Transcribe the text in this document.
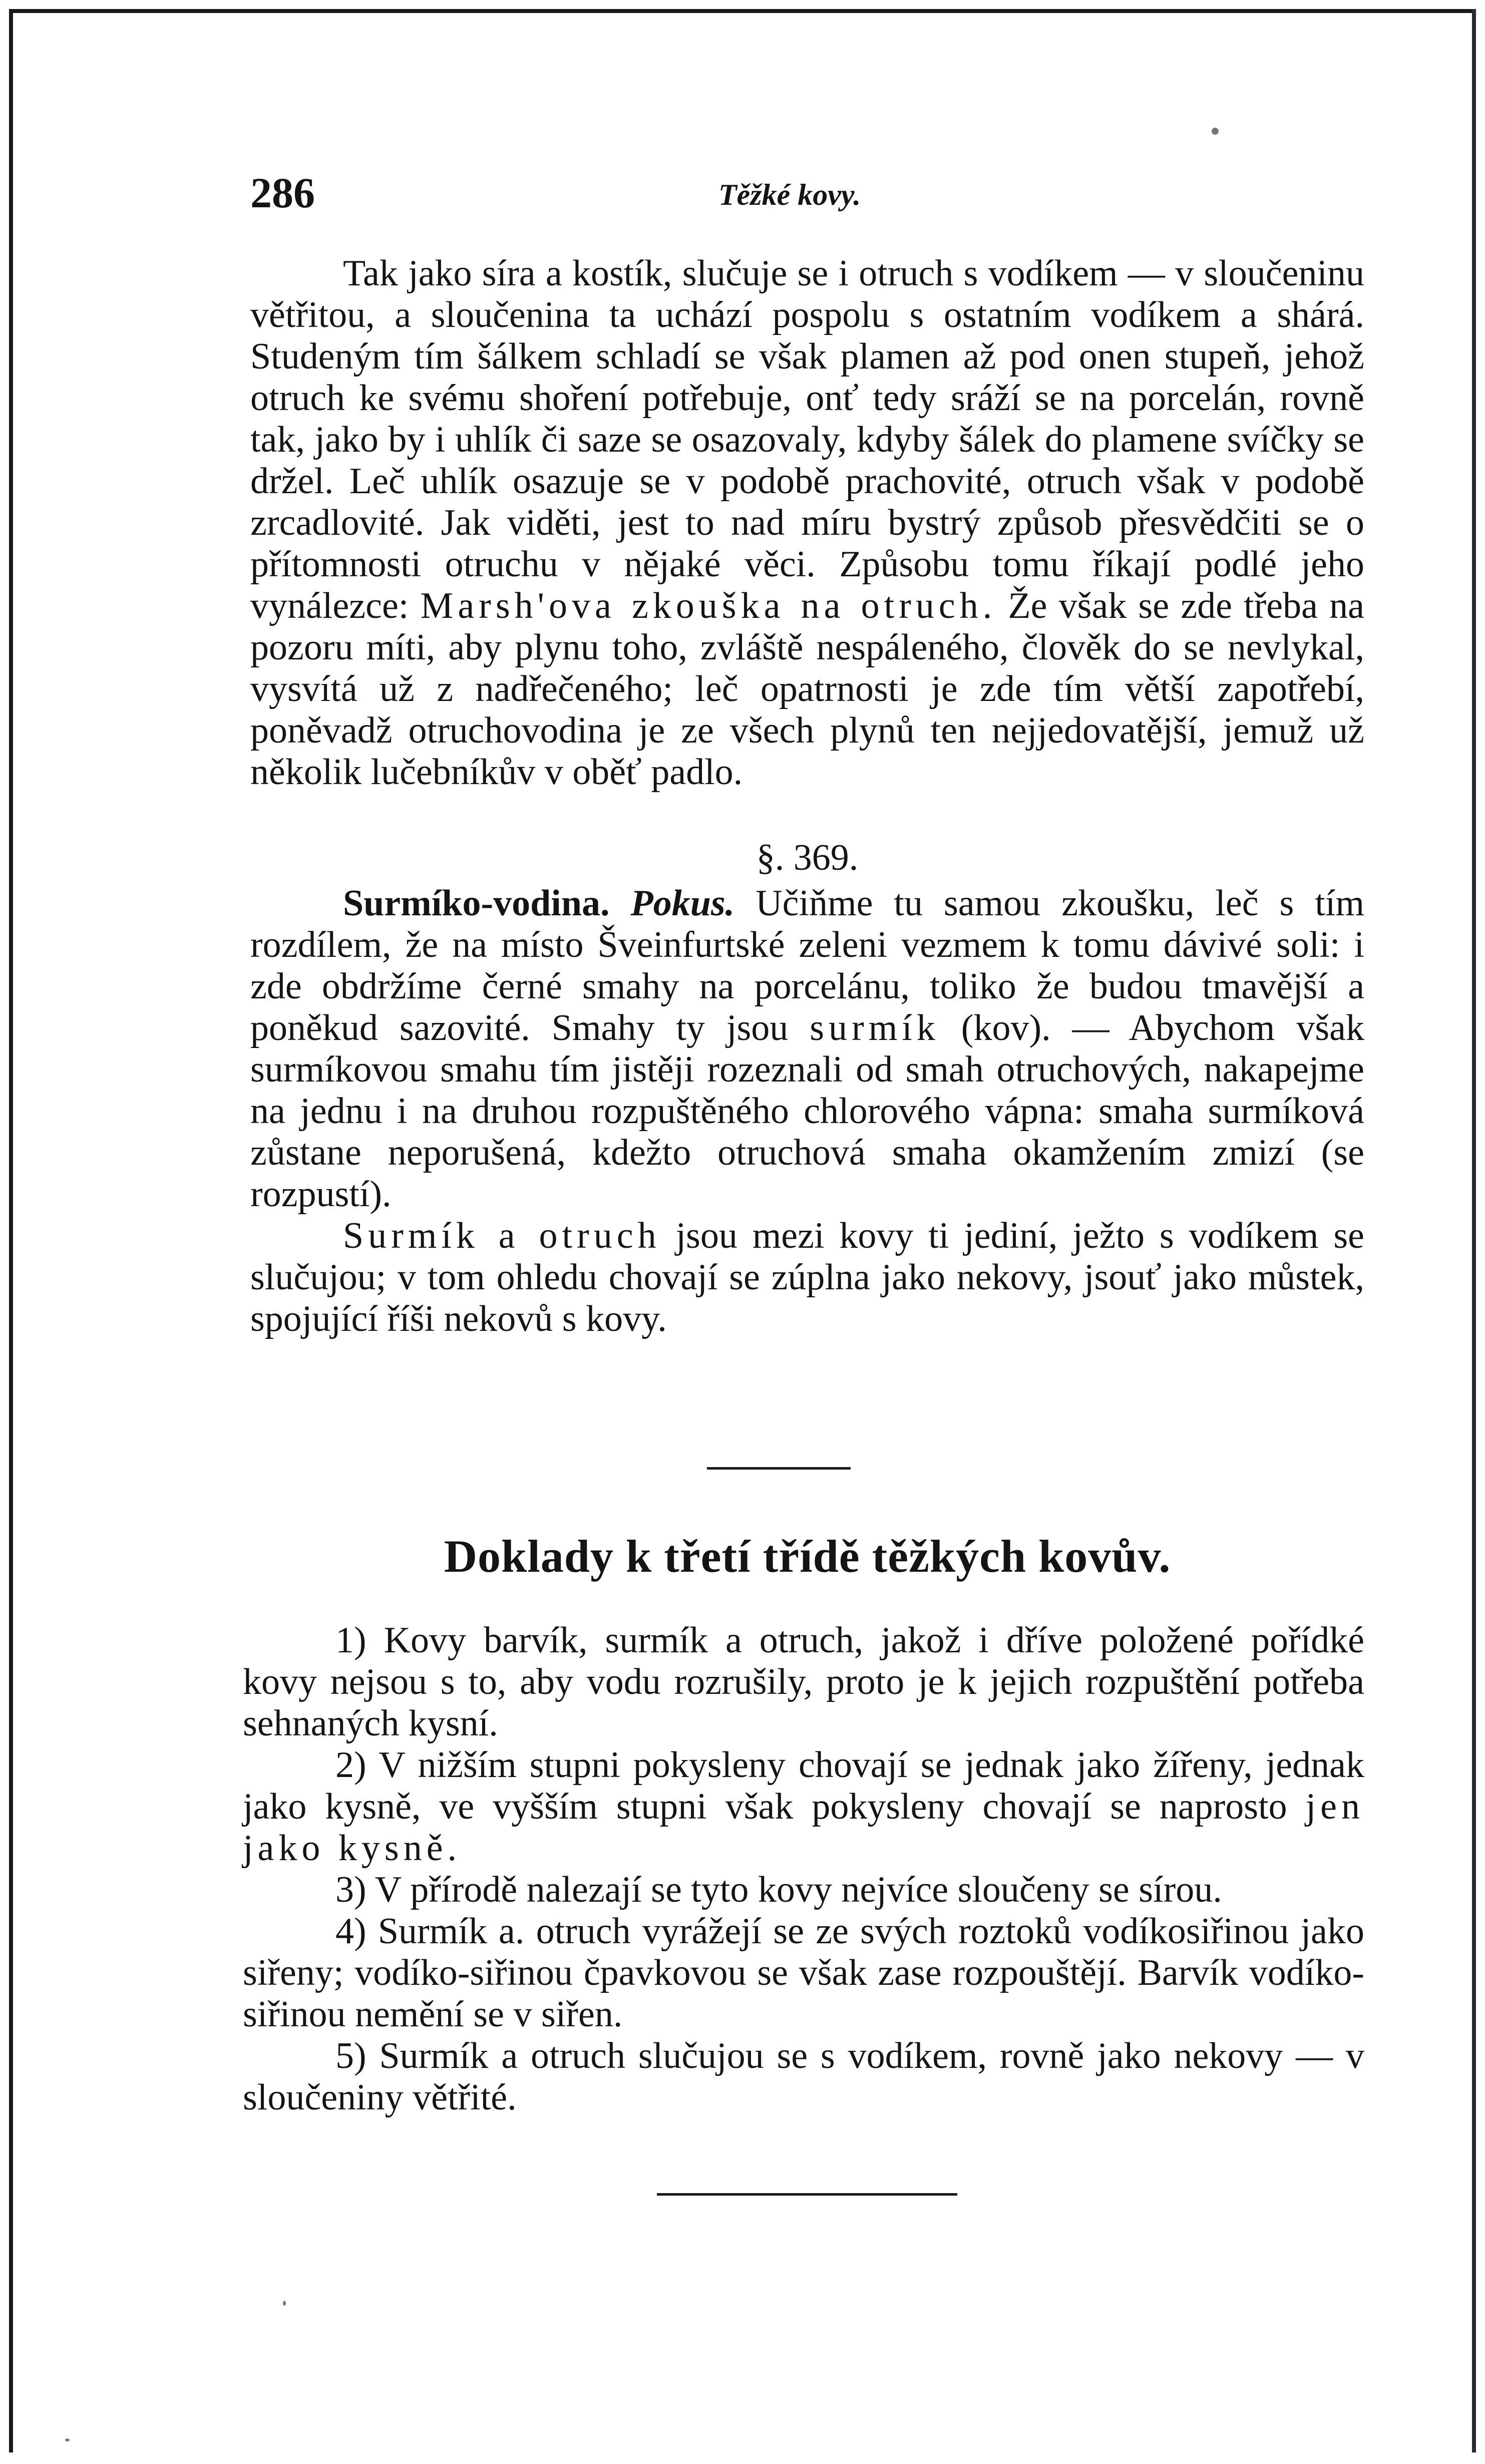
286	Těžké kovy.

Tak jako síra a kostík, slučuje se i otruch s vodíkem — v sloučeninu větřitou, a sloučenina ta uchází pospolu s ostatním vodíkem a shárá. Studeným tím šálkem schladí se však plamen až pod onen stupeň, jehož otruch ke svému shoření potřebuje, onť tedy sráží se na porcelán, rovně tak, jako by i uhlík či saze se osazovaly, kdyby šálek do plamene svíčky se držel. Leč uhlík osazuje se v podobě prachovité, otruch však v podobě zrcadlovité. Jak viděti, jest to nad míru bystrý způsob přesvědčiti se o přítomnosti otruchu v nějaké věci. Způsobu tomu říkají podlé jeho vynálezce: Marsh'ova zkouška na otruch. Že však se zde třeba na pozoru míti, aby plynu toho, zvláště nespáleného, člověk do se nevlykal, vysvítá už z nadřečeného; leč opatrnosti je zde tím větší zapotřebí, poněvadž otruchovodina je ze všech plynů ten nejjedovatější, jemuž už několik lučebníkův v oběť padlo.

§. 369.

Surmíko-vodina. Pokus. Učiňme tu samou zkoušku, leč s tím rozdílem, že na místo Šveinfurtské zeleni vezmem k tomu dávivé soli: i zde obdržíme černé smahy na porcelánu, toliko že budou tmavější a poněkud sazovité. Smahy ty jsou surmík (kov). — Abychom však surmíkovou smahu tím jistěji rozeznali od smah otruchových, nakapejme na jednu i na druhou rozpuštěného chlorového vápna: smaha surmíková zůstane neporušená, kdežto otruchová smaha okamžením zmizí (se rozpustí).

Surmík a otruch jsou mezi kovy ti jediní, ježto s vodíkem se slučujou; v tom ohledu chovají se zúplna jako nekovy, jsouť jako můstek, spojující říši nekovů s kovy.

Doklady k třetí třídě těžkých kovův.

1) Kovy barvík, surmík a otruch, jakož i dříve položené pořídké kovy nejsou s to, aby vodu rozrušily, proto je k jejich rozpuštění potřeba sehnaných kysní.

2) V nižším stupni pokysleny chovají se jednak jako žířeny, jednak jako kysně, ve vyšším stupni však pokysleny chovají se naprosto jen jako kysně.

3) V přírodě nalezají se tyto kovy nejvíce sloučeny se sírou.

4) Surmík a. otruch vyrážejí se ze svých roztoků vodíkosiřinou jako siřeny; vodíko-siřinou čpavkovou se však zase rozpouštějí. Barvík vodíko-siřinou nemění se v siřen.

5) Surmík a otruch slučujou se s vodíkem, rovně jako nekovy — v sloučeniny větřité.
